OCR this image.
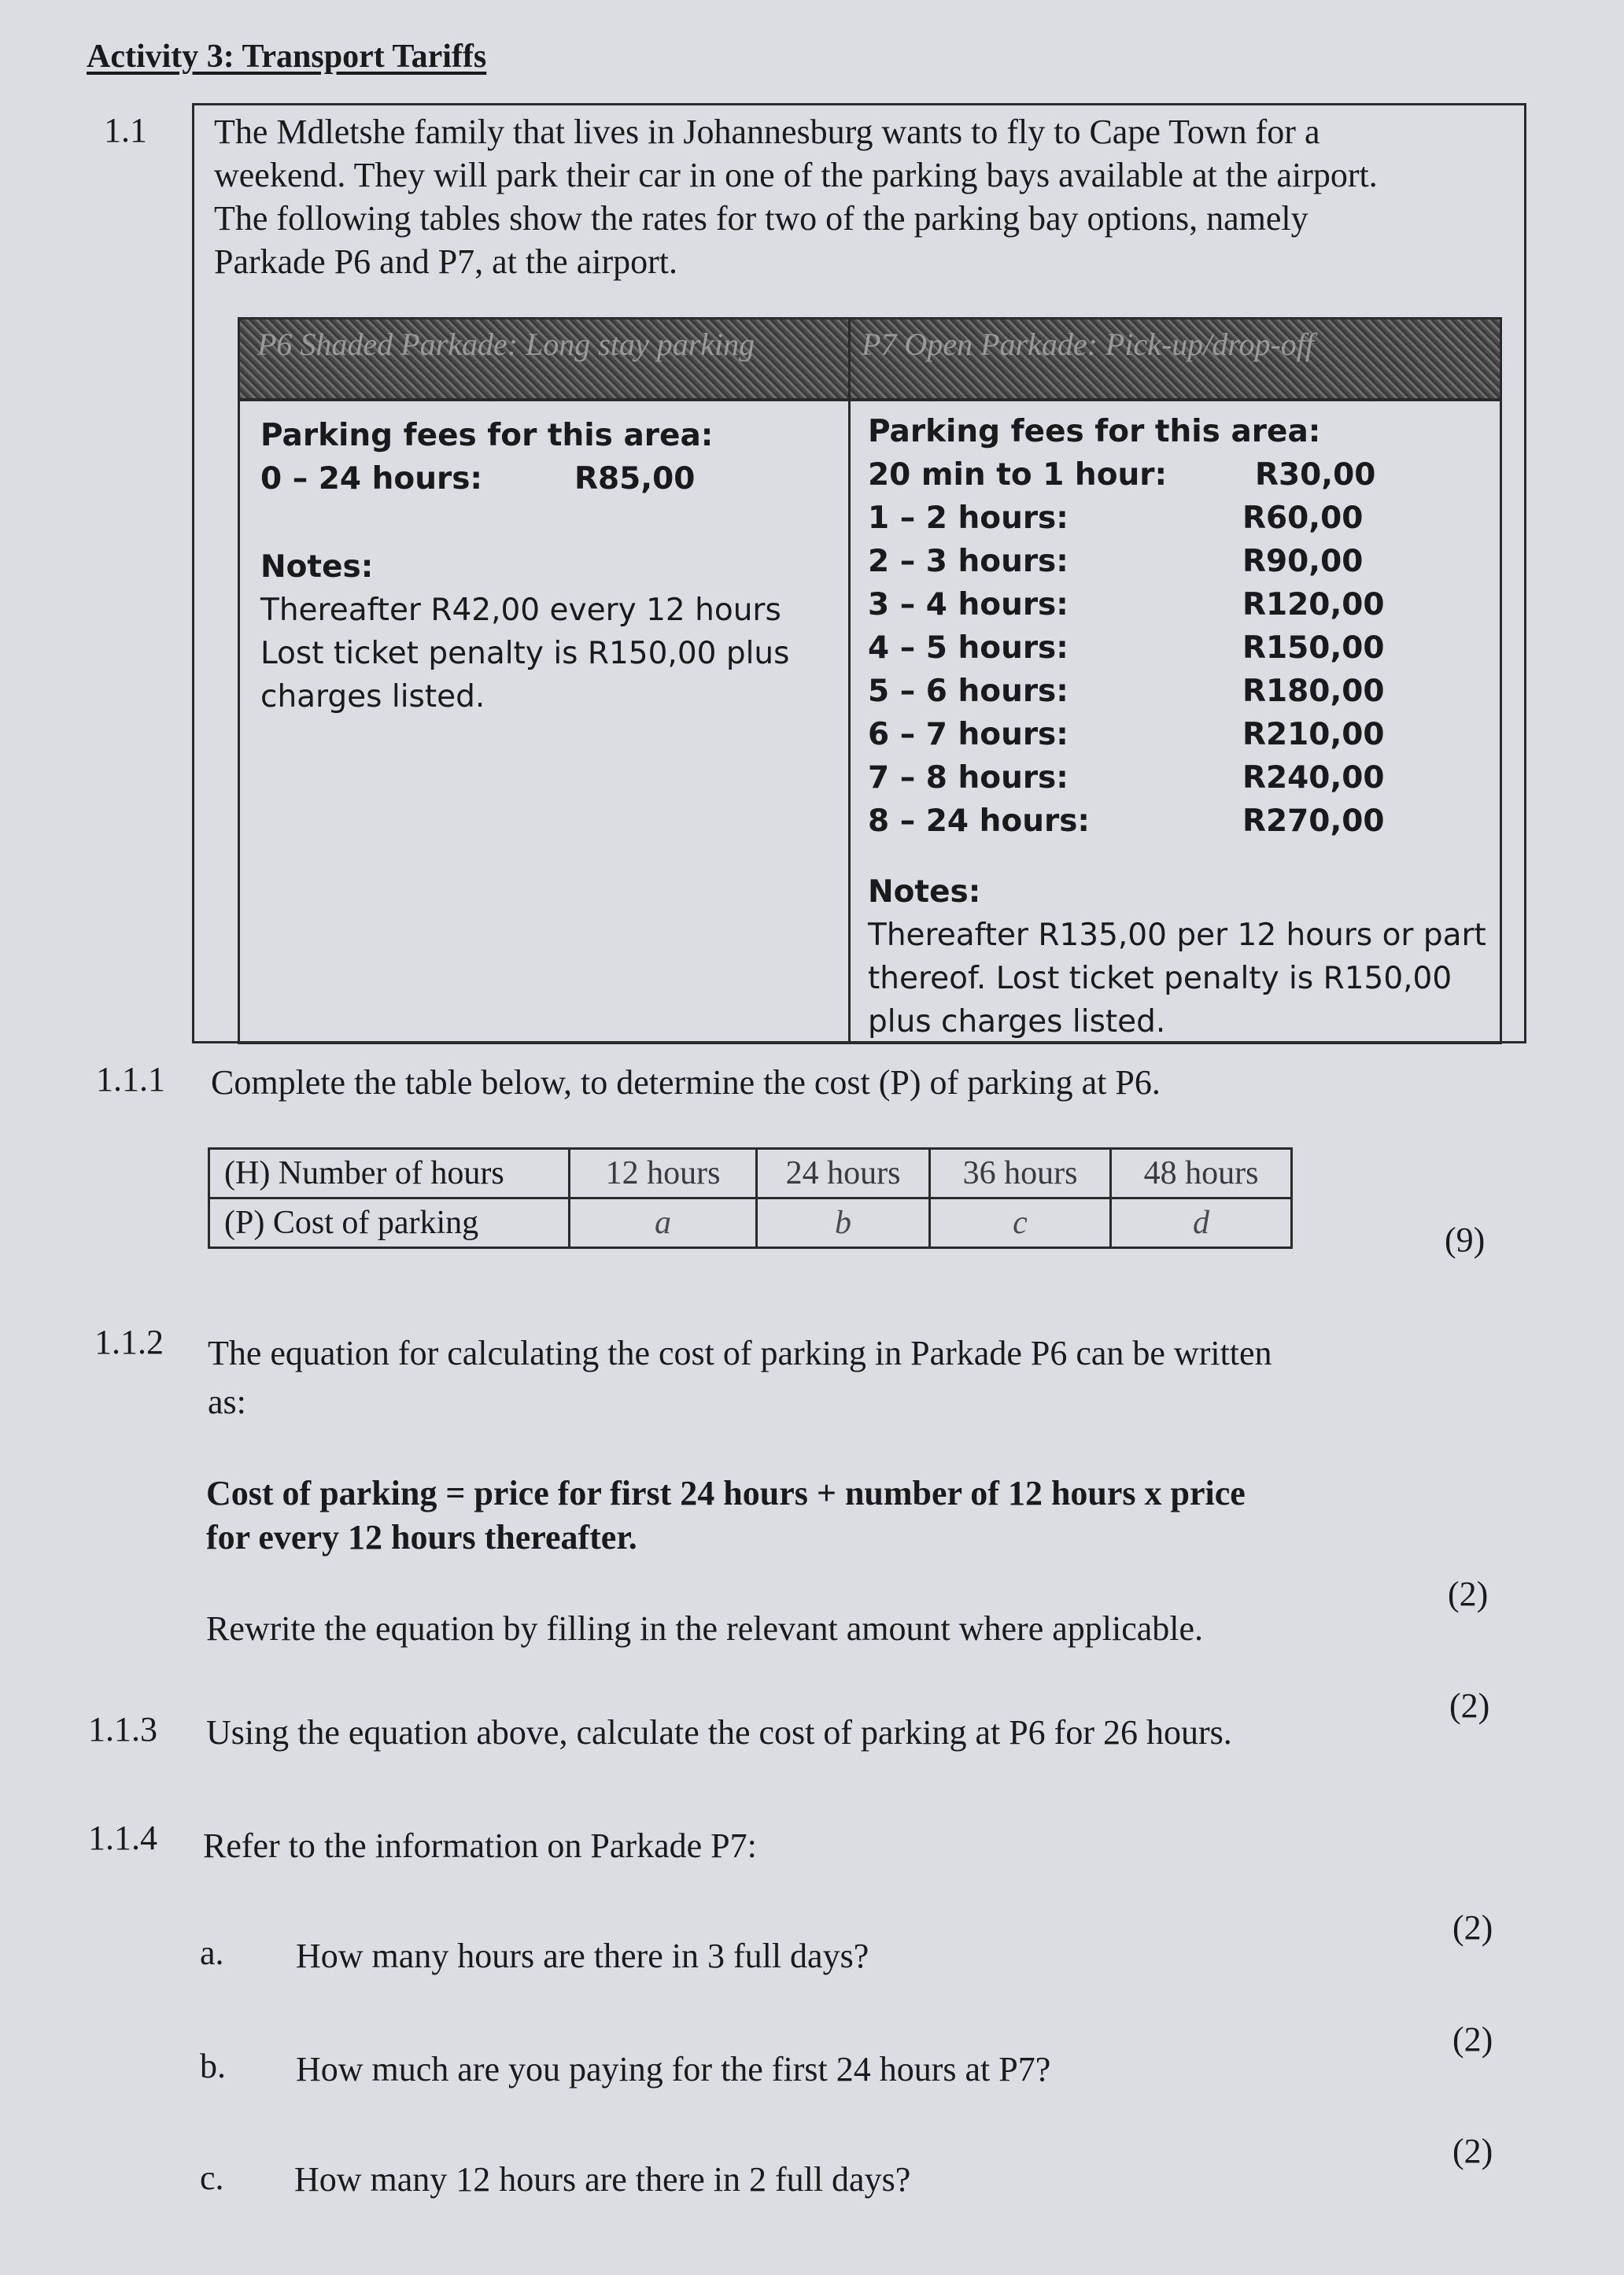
Activity 3: Transport Tariffs
1.1 The Mdletshe family that lives in Johannesburg wants to fly to Cape Town for a
weekend. They will park their car in one of the parking bays available at the airport.
The following tables show the rates for two of the parking bay options, namely
Parkade P6 and P7, at the airport.
P6 Shaded Parkade: Long stay parking	P7 Open Parkade: Pick-up/drop-off
Parking fees for this area:
0 – 24 hours:	R85,00
Notes:
Thereafter R42,00 every 12 hours
Lost ticket penalty is R150,00 plus
charges listed.
Parking fees for this area:
20 min to 1 hour:	R30,00
1 – 2 hours:	R60,00
2 – 3 hours:	R90,00
3 – 4 hours:	R120,00
4 – 5 hours:	R150,00
5 – 6 hours:	R180,00
6 – 7 hours:	R210,00
7 – 8 hours:	R240,00
8 – 24 hours:	R270,00
Notes:
Thereafter R135,00 per 12 hours or part
thereof. Lost ticket penalty is R150,00
plus charges listed.
1.1.1 Complete the table below, to determine the cost (P) of parking at P6.
(H) Number of hours	12 hours	24 hours	36 hours	48 hours
(P) Cost of parking	a	b	c	d	(9)
1.1.2 The equation for calculating the cost of parking in Parkade P6 can be written
as:
Cost of parking = price for first 24 hours + number of 12 hours x price
for every 12 hours thereafter.
Rewrite the equation by filling in the relevant amount where applicable.
(2)
1.1.3 Using the equation above, calculate the cost of parking at P6 for 26 hours.
(2)
1.1.4 Refer to the information on Parkade P7:
a. How many hours are there in 3 full days?
(2)
b. How much are you paying for the first 24 hours at P7?
(2)
c. How many 12 hours are there in 2 full days?
(2)
